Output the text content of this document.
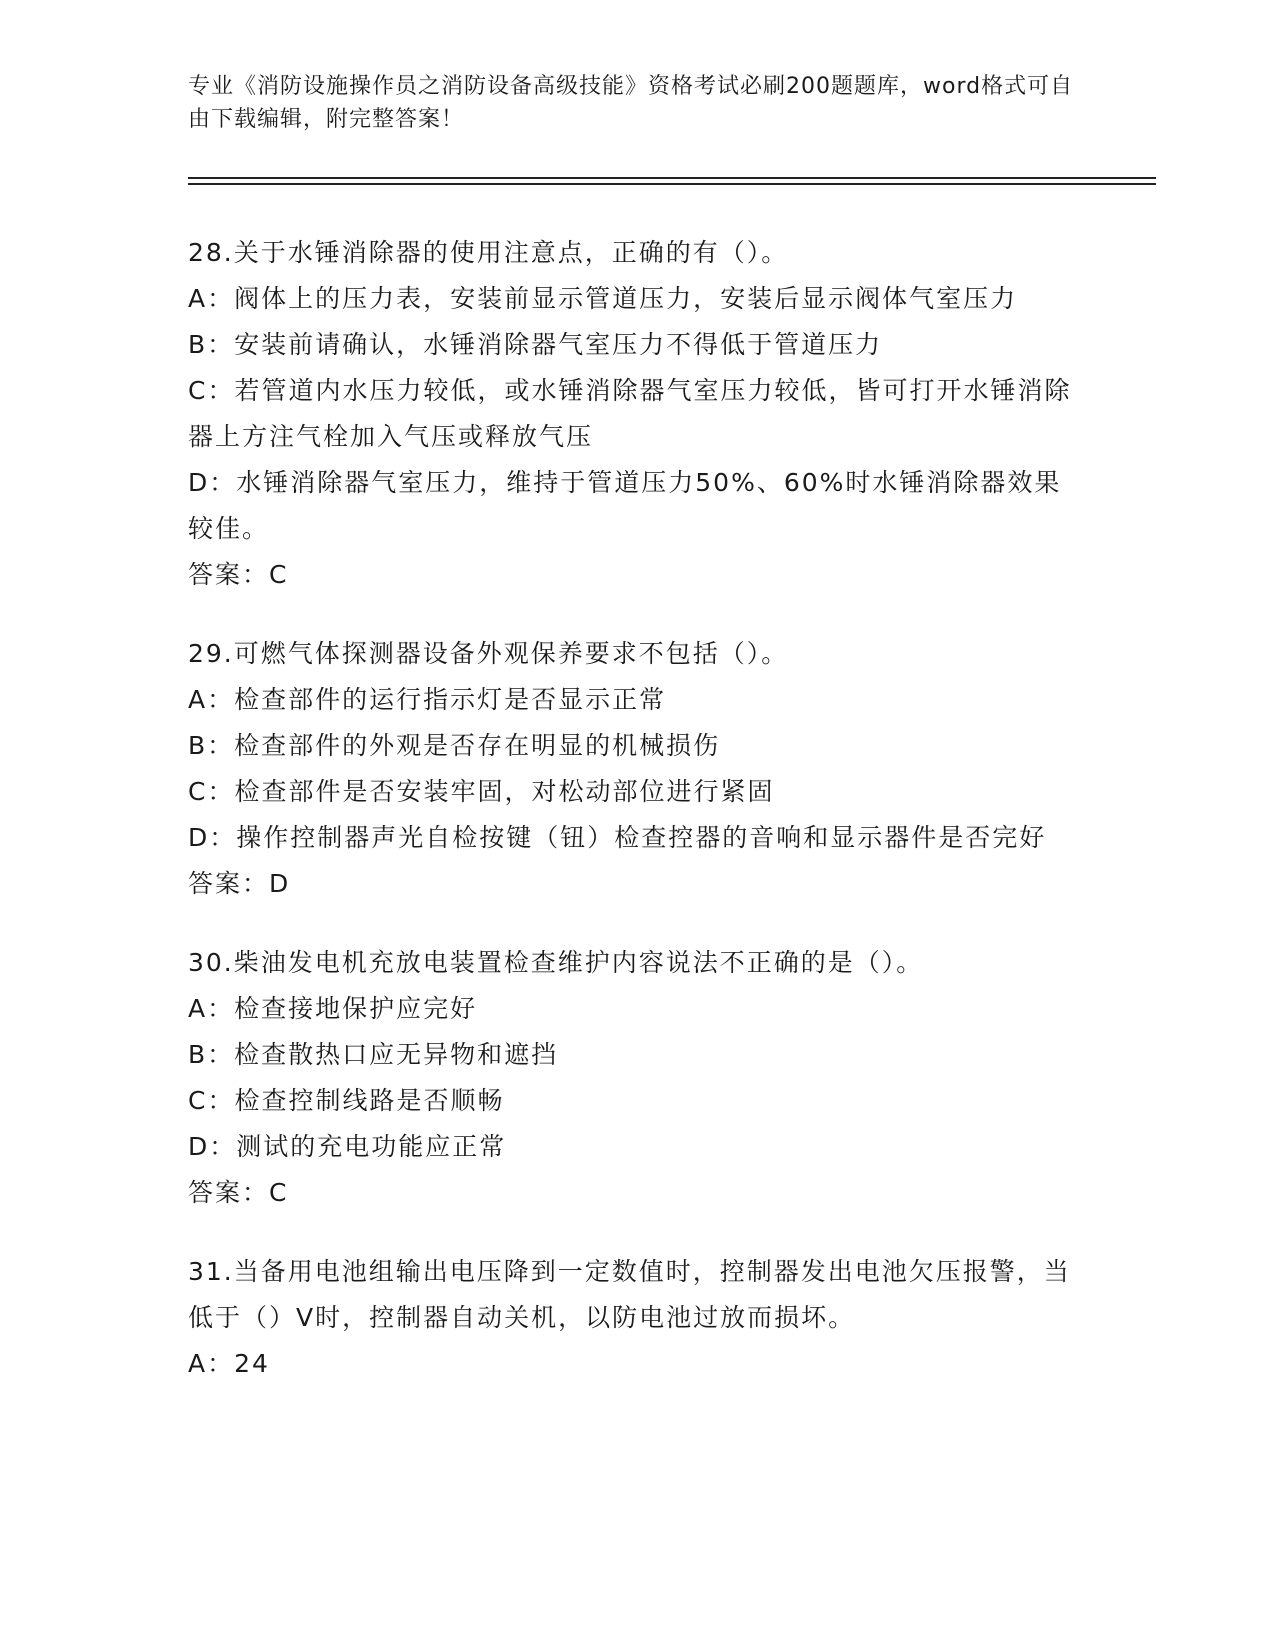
专业《消防设施操作员之消防设备高级技能》资格考试必刷200题题库，word格式可自由下载编辑，附完整答案！

28.关于水锤消除器的使用注意点，正确的有（）。

A：阀体上的压力表，安装前显示管道压力，安装后显示阀体气室压力

B：安装前请确认，水锤消除器气室压力不得低于管道压力

C：若管道内水压力较低，或水锤消除器气室压力较低，皆可打开水锤消除器上方注气栓加入气压或释放气压

D：水锤消除器气室压力，维持于管道压力50%、60%时水锤消除器效果较佳。

答案：C

29.可燃气体探测器设备外观保养要求不包括（）。

A：检查部件的运行指示灯是否显示正常

B：检查部件的外观是否存在明显的机械损伤

C：检查部件是否安装牢固，对松动部位进行紧固

D：操作控制器声光自检按键（钮）检查控器的音响和显示器件是否完好

答案：D

30.柴油发电机充放电装置检查维护内容说法不正确的是（）。

A：检查接地保护应完好

B：检查散热口应无异物和遮挡

C：检查控制线路是否顺畅

D：测试的充电功能应正常

答案：C

31.当备用电池组输出电压降到一定数值时，控制器发出电池欠压报警，当低于（）V时，控制器自动关机，以防电池过放而损坏。

A：24
